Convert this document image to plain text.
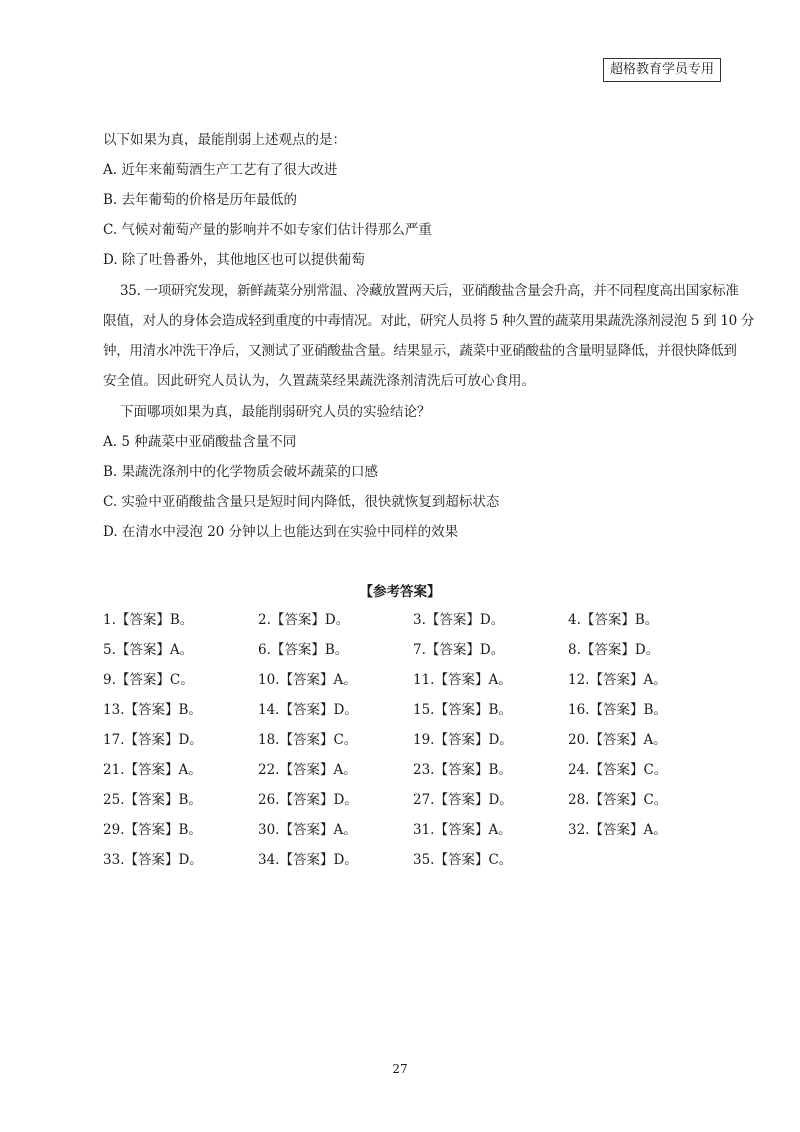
超格教育学员专用
以下如果为真，最能削弱上述观点的是：
A. 近年来葡萄酒生产工艺有了很大改进
B. 去年葡萄的价格是历年最低的
C. 气候对葡萄产量的影响并不如专家们估计得那么严重
D. 除了吐鲁番外，其他地区也可以提供葡萄
35. 一项研究发现，新鲜蔬菜分别常温、冷藏放置两天后，亚硝酸盐含量会升高，并不同程度高出国家标准
限值，对人的身体会造成轻到重度的中毒情况。对此，研究人员将 5 种久置的蔬菜用果蔬洗涤剂浸泡 5 到 10 分
钟，用清水冲洗干净后，又测试了亚硝酸盐含量。结果显示，蔬菜中亚硝酸盐的含量明显降低，并很快降低到
安全值。因此研究人员认为，久置蔬菜经果蔬洗涤剂清洗后可放心食用。
下面哪项如果为真，最能削弱研究人员的实验结论？
A. 5 种蔬菜中亚硝酸盐含量不同
B. 果蔬洗涤剂中的化学物质会破坏蔬菜的口感
C. 实验中亚硝酸盐含量只是短时间内降低，很快就恢复到超标状态
D. 在清水中浸泡 20 分钟以上也能达到在实验中同样的效果
【参考答案】
1.【答案】B。	2.【答案】D。	3.【答案】D。	4.【答案】B。
5.【答案】A。	6.【答案】B。	7.【答案】D。	8.【答案】D。
9.【答案】C。	10.【答案】A。	11.【答案】A。	12.【答案】A。
13.【答案】B。	14.【答案】D。	15.【答案】B。	16.【答案】B。
17.【答案】D。	18.【答案】C。	19.【答案】D。	20.【答案】A。
21.【答案】A。	22.【答案】A。	23.【答案】B。	24.【答案】C。
25.【答案】B。	26.【答案】D。	27.【答案】D。	28.【答案】C。
29.【答案】B。	30.【答案】A。	31.【答案】A。	32.【答案】A。
33.【答案】D。	34.【答案】D。	35.【答案】C。
27
